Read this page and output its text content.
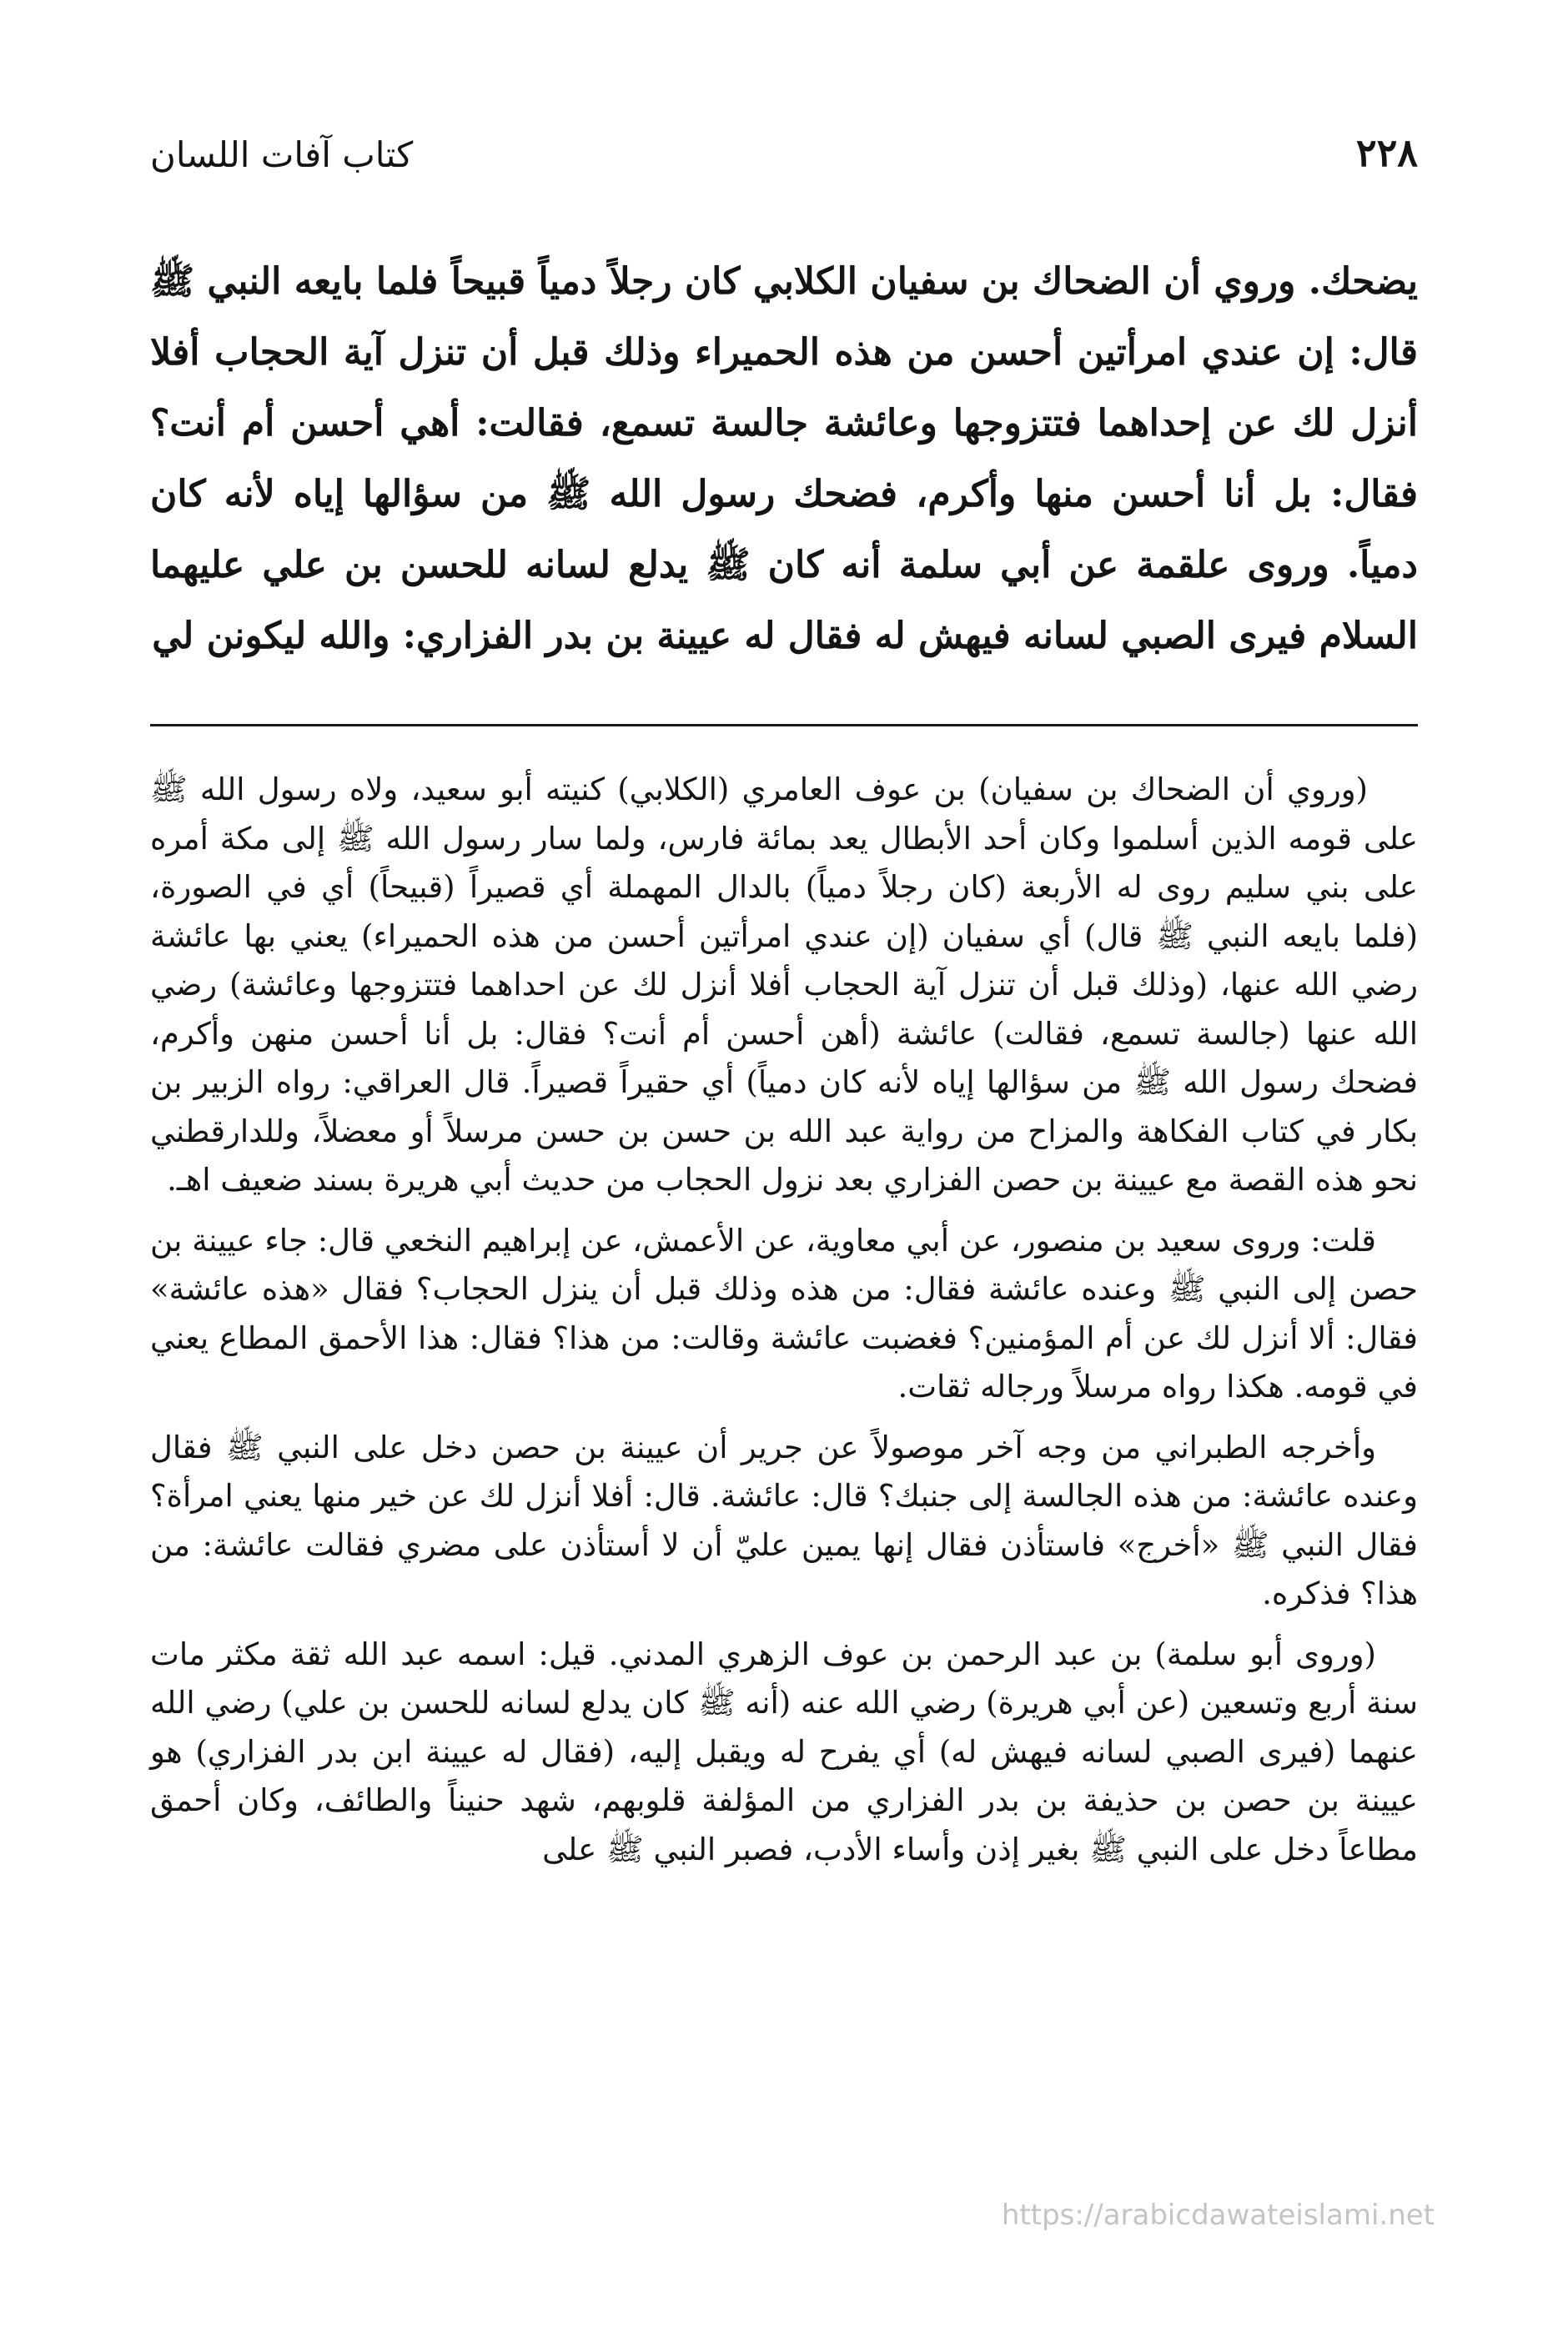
٢٢٨
كتاب آفات اللسان
يضحك. وروي أن الضحاك بن سفيان الكلابي كان رجلاً دمياً قبيحاً فلما بايعه النبي ﷺ قال: إن عندي امرأتين أحسن من هذه الحميراء وذلك قبل أن تنزل آية الحجاب أفلا أنزل لك عن إحداهما فتتزوجها وعائشة جالسة تسمع، فقالت: أهي أحسن أم أنت؟ فقال: بل أنا أحسن منها وأكرم، فضحك رسول الله ﷺ من سؤالها إياه لأنه كان دمياً. وروى علقمة عن أبي سلمة أنه كان ﷺ يدلع لسانه للحسن بن علي عليهما السلام فيرى الصبي لسانه فيهش له فقال له عيينة بن بدر الفزاري: والله ليكونن لي

(وروي أن الضحاك بن سفيان) بن عوف العامري (الكلابي) كنيته أبو سعيد، ولاه رسول الله ﷺ على قومه الذين أسلموا وكان أحد الأبطال يعد بمائة فارس، ولما سار رسول الله ﷺ إلى مكة أمره على بني سليم روى له الأربعة (كان رجلاً دمياً) بالدال المهملة أي قصيراً (قبيحاً) أي في الصورة، (فلما بايعه النبي ﷺ قال) أي سفيان (إن عندي امرأتين أحسن من هذه الحميراء) يعني بها عائشة رضي الله عنها، (وذلك قبل أن تنزل آية الحجاب أفلا أنزل لك عن احداهما فتتزوجها وعائشة) رضي الله عنها (جالسة تسمع، فقالت) عائشة (أهن أحسن أم أنت؟ فقال: بل أنا أحسن منهن وأكرم، فضحك رسول الله ﷺ من سؤالها إياه لأنه كان دمياً) أي حقيراً قصيراً. قال العراقي: رواه الزبير بن بكار في كتاب الفكاهة والمزاح من رواية عبد الله بن حسن بن حسن مرسلاً أو معضلاً، وللدارقطني نحو هذه القصة مع عيينة بن حصن الفزاري بعد نزول الحجاب من حديث أبي هريرة بسند ضعيف اهـ.

قلت: وروى سعيد بن منصور، عن أبي معاوية، عن الأعمش، عن إبراهيم النخعي قال: جاء عيينة بن حصن إلى النبي ﷺ وعنده عائشة فقال: من هذه وذلك قبل أن ينزل الحجاب؟ فقال «هذه عائشة» فقال: ألا أنزل لك عن أم المؤمنين؟ فغضبت عائشة وقالت: من هذا؟ فقال: هذا الأحمق المطاع يعني في قومه. هكذا رواه مرسلاً ورجاله ثقات.

وأخرجه الطبراني من وجه آخر موصولاً عن جرير أن عيينة بن حصن دخل على النبي ﷺ فقال وعنده عائشة: من هذه الجالسة إلى جنبك؟ قال: عائشة. قال: أفلا أنزل لك عن خير منها يعني امرأة؟ فقال النبي ﷺ «أخرج» فاستأذن فقال إنها يمين عليّ أن لا أستأذن على مضري فقالت عائشة: من هذا؟ فذكره.

(وروى أبو سلمة) بن عبد الرحمن بن عوف الزهري المدني. قيل: اسمه عبد الله ثقة مكثر مات سنة أربع وتسعين (عن أبي هريرة) رضي الله عنه (أنه ﷺ كان يدلع لسانه للحسن بن علي) رضي الله عنهما (فيرى الصبي لسانه فيهش له) أي يفرح له ويقبل إليه، (فقال له عيينة ابن بدر الفزاري) هو عيينة بن حصن بن حذيفة بن بدر الفزاري من المؤلفة قلوبهم، شهد حنيناً والطائف، وكان أحمق مطاعاً دخل على النبي ﷺ بغير إذن وأساء الأدب، فصبر النبي ﷺ على

https://arabicdawateislami.net
